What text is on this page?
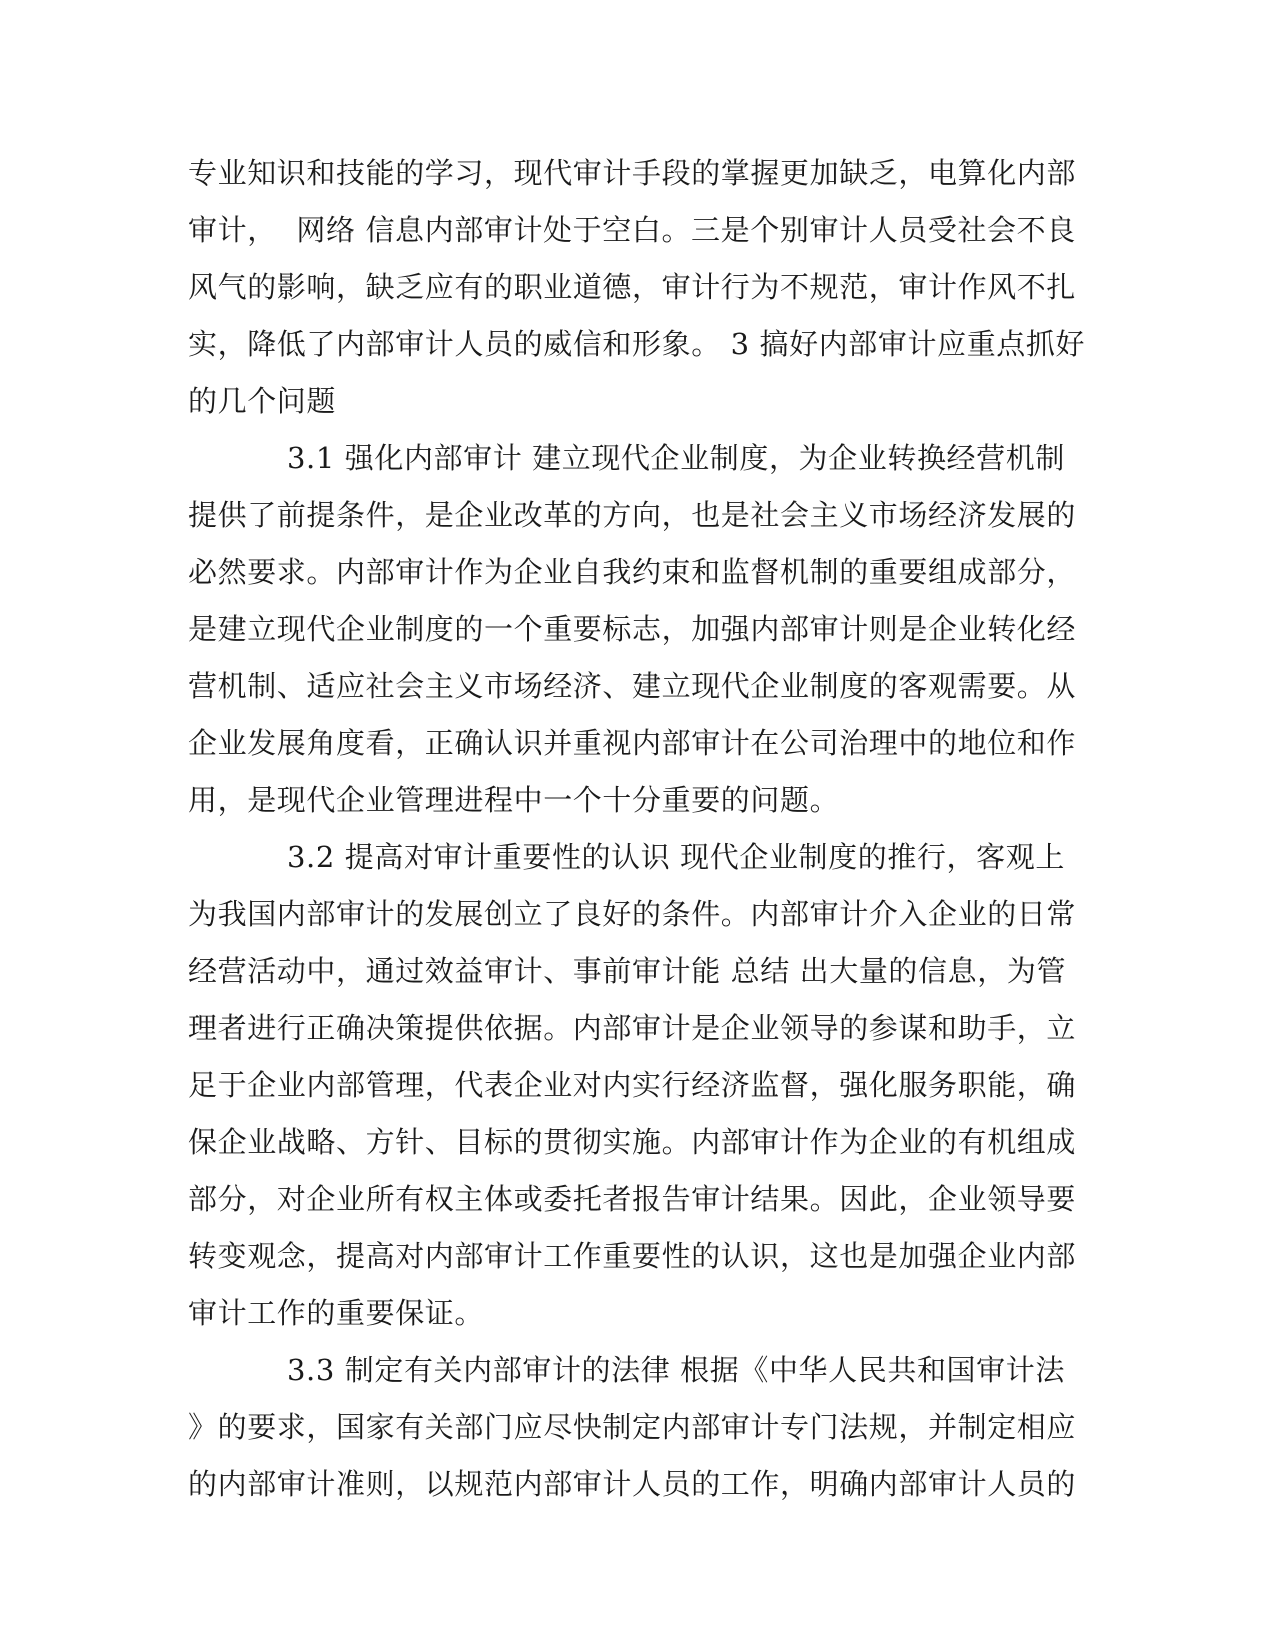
专业知识和技能的学习，现代审计手段的掌握更加缺乏，电算化内部
审计，  网络 信息内部审计处于空白。三是个别审计人员受社会不良
风气的影响，缺乏应有的职业道德，审计行为不规范，审计作风不扎
实，降低了内部审计人员的威信和形象。 3 搞好内部审计应重点抓好
的几个问题
3.1 强化内部审计 建立现代企业制度，为企业转换经营机制
提供了前提条件，是企业改革的方向，也是社会主义市场经济发展的
必然要求。内部审计作为企业自我约束和监督机制的重要组成部分，
是建立现代企业制度的一个重要标志，加强内部审计则是企业转化经
营机制、适应社会主义市场经济、建立现代企业制度的客观需要。从
企业发展角度看，正确认识并重视内部审计在公司治理中的地位和作
用，是现代企业管理进程中一个十分重要的问题。
3.2 提高对审计重要性的认识 现代企业制度的推行，客观上
为我国内部审计的发展创立了良好的条件。内部审计介入企业的日常
经营活动中，通过效益审计、事前审计能 总结 出大量的信息，为管
理者进行正确决策提供依据。内部审计是企业领导的参谋和助手，立
足于企业内部管理，代表企业对内实行经济监督，强化服务职能，确
保企业战略、方针、目标的贯彻实施。内部审计作为企业的有机组成
部分，对企业所有权主体或委托者报告审计结果。因此，企业领导要
转变观念，提高对内部审计工作重要性的认识，这也是加强企业内部
审计工作的重要保证。
3.3 制定有关内部审计的法律 根据《中华人民共和国审计法
》的要求，国家有关部门应尽快制定内部审计专门法规，并制定相应
的内部审计准则，以规范内部审计人员的工作，明确内部审计人员的
